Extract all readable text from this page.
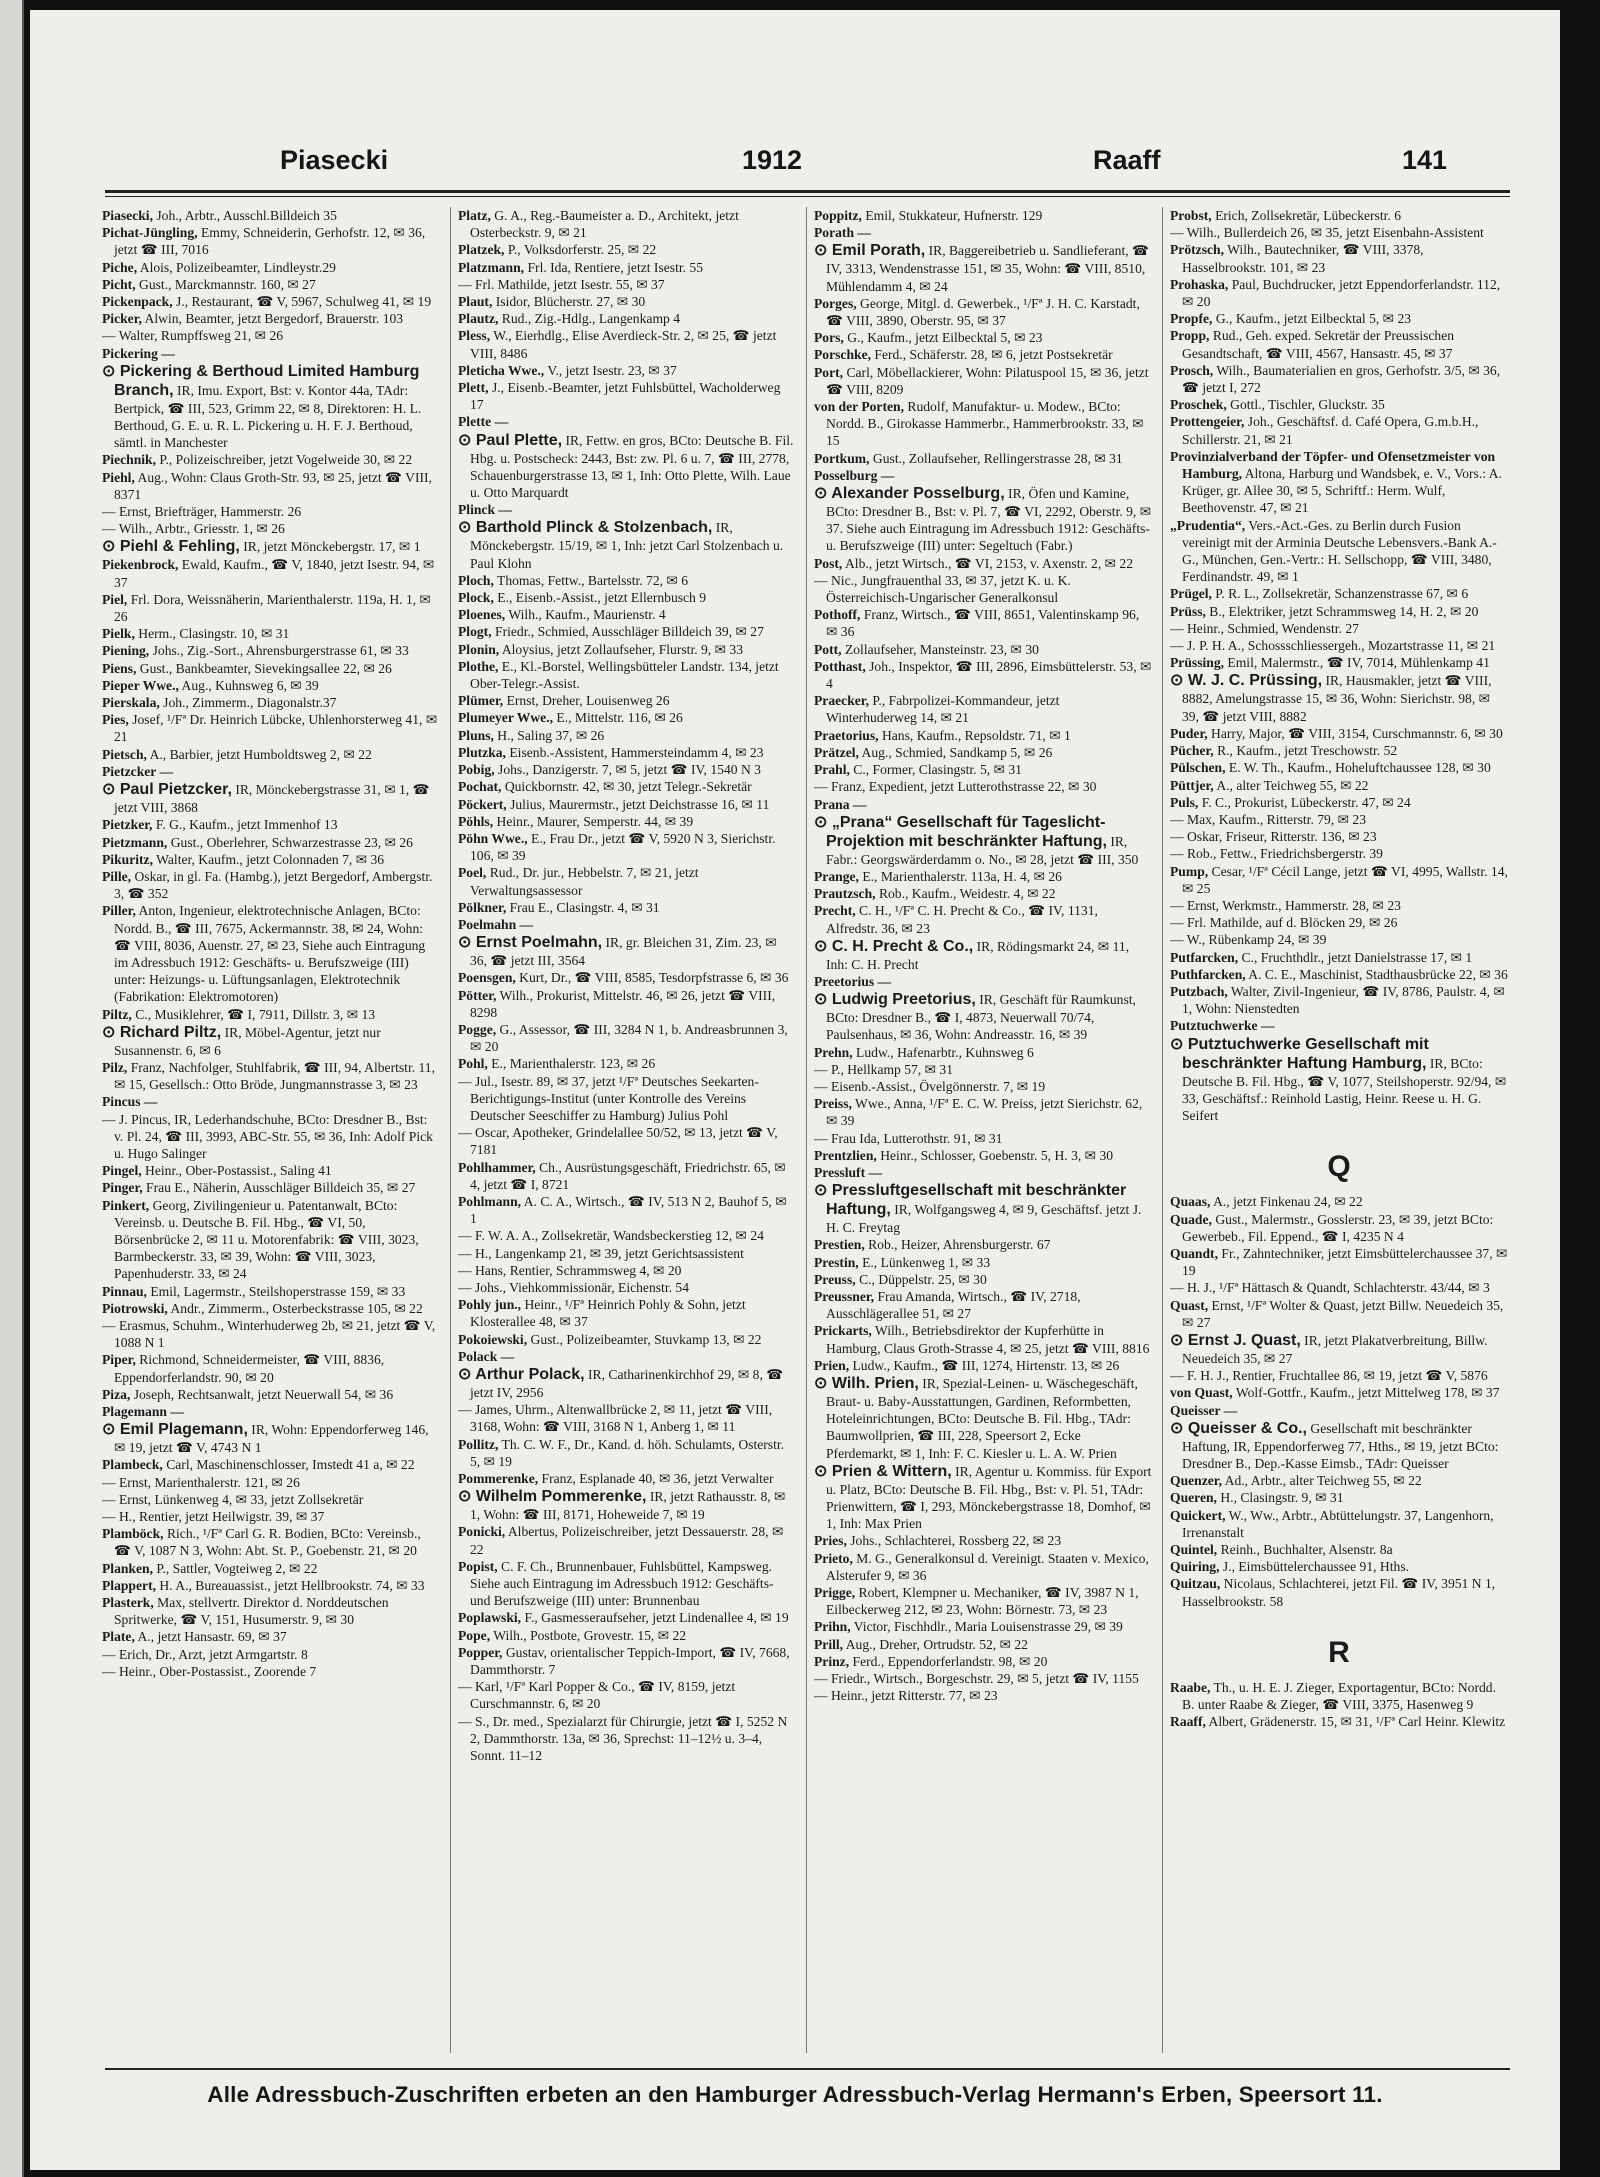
Piasecki	1912	Raaff	141

Piasecki, Joh., Arbtr., Ausschl.Billdeich 35

Pichat-Jüngling, Emmy, Schneiderin, Gerhofstr. 12, ✉ 36, jetzt ☎ III, 7016

Piche, Alois, Polizeibeamter, Lindleystr.29

Picht, Gust., Marckmannstr. 160, ✉ 27

Pickenpack, J., Restaurant, ☎ V, 5967, Schulweg 41, ✉ 19

Picker, Alwin, Beamter, jetzt Bergedorf, Brauerstr. 103

— Walter, Rumpffsweg 21, ✉ 26

Pickering —

⊙ Pickering & Berthoud Limited Hamburg Branch, IR, Imu. Export, Bst: v. Kontor 44a, TAdr: Bertpick, ☎ III, 523, Grimm 22, ✉ 8, Direktoren: H. L. Berthoud, G. E. u. R. L. Pickering u. H. F. J. Berthoud, sämtl. in Manchester

Piechnik, P., Polizeischreiber, jetzt Vogelweide 30, ✉ 22

Piehl, Aug., Wohn: Claus Groth-Str. 93, ✉ 25, jetzt ☎ VIII, 8371

— Ernst, Briefträger, Hammerstr. 26

— Wilh., Arbtr., Griesstr. 1, ✉ 26

⊙ Piehl & Fehling, IR, jetzt Mönckebergstr. 17, ✉ 1

Piekenbrock, Ewald, Kaufm., ☎ V, 1840, jetzt Isestr. 94, ✉ 37

Piel, Frl. Dora, Weissnäherin, Marienthalerstr. 119a, H. 1, ✉ 26

Pielk, Herm., Clasingstr. 10, ✉ 31

Piening, Johs., Zig.-Sort., Ahrensburgerstrasse 61, ✉ 33

Piens, Gust., Bankbeamter, Sievekingsallee 22, ✉ 26

Pieper Wwe., Aug., Kuhnsweg 6, ✉ 39

Pierskala, Joh., Zimmerm., Diagonalstr.37

Pies, Josef, ¹/Fª Dr. Heinrich Lübcke, Uhlenhorsterweg 41, ✉ 21

Pietsch, A., Barbier, jetzt Humboldtsweg 2, ✉ 22

Pietzcker —

⊙ Paul Pietzcker, IR, Mönckebergstrasse 31, ✉ 1, ☎ jetzt VIII, 3868

Pietzker, F. G., Kaufm., jetzt Immenhof 13

Pietzmann, Gust., Oberlehrer, Schwarzestrasse 23, ✉ 26

Pikuritz, Walter, Kaufm., jetzt Colonnaden 7, ✉ 36

Pille, Oskar, in gl. Fa. (Hambg.), jetzt Bergedorf, Ambergstr. 3, ☎ 352

Piller, Anton, Ingenieur, elektrotechnische Anlagen, BCto: Nordd. B., ☎ III, 7675, Ackermannstr. 38, ✉ 24, Wohn: ☎ VIII, 8036, Auenstr. 27, ✉ 23, Siehe auch Eintragung im Adressbuch 1912: Geschäfts- u. Berufszweige (III) unter: Heizungs- u. Lüftungsanlagen, Elektrotechnik (Fabrikation: Elektromotoren)

Piltz, C., Musiklehrer, ☎ I, 7911, Dillstr. 3, ✉ 13

⊙ Richard Piltz, IR, Möbel-Agentur, jetzt nur Susannenstr. 6, ✉ 6

Pilz, Franz, Nachfolger, Stuhlfabrik, ☎ III, 94, Albertstr. 11, ✉ 15, Gesellsch.: Otto Bröde, Jungmannstrasse 3, ✉ 23

Pincus —

— J. Pincus, IR, Lederhandschuhe, BCto: Dresdner B., Bst: v. Pl. 24, ☎ III, 3993, ABC-Str. 55, ✉ 36, Inh: Adolf Pick u. Hugo Salinger

Pingel, Heinr., Ober-Postassist., Saling 41

Pinger, Frau E., Näherin, Ausschläger Billdeich 35, ✉ 27

Pinkert, Georg, Zivilingenieur u. Patentanwalt, BCto: Vereinsb. u. Deutsche B. Fil. Hbg., ☎ VI, 50, Börsenbrücke 2, ✉ 11 u. Motorenfabrik: ☎ VIII, 3023, Barmbeckerstr. 33, ✉ 39, Wohn: ☎ VIII, 3023, Papenhuderstr. 33, ✉ 24

Pinnau, Emil, Lagermstr., Steilshoperstrasse 159, ✉ 33

Piotrowski, Andr., Zimmerm., Osterbeckstrasse 105, ✉ 22

— Erasmus, Schuhm., Winterhuderweg 2b, ✉ 21, jetzt ☎ V, 1088 N 1

Piper, Richmond, Schneidermeister, ☎ VIII, 8836, Eppendorferlandstr. 90, ✉ 20

Piza, Joseph, Rechtsanwalt, jetzt Neuerwall 54, ✉ 36

Plagemann —

⊙ Emil Plagemann, IR, Wohn: Eppendorferweg 146, ✉ 19, jetzt ☎ V, 4743 N 1

Plambeck, Carl, Maschinenschlosser, Imstedt 41 a, ✉ 22

— Ernst, Marienthalerstr. 121, ✉ 26

— Ernst, Lünkenweg 4, ✉ 33, jetzt Zollsekretär

— H., Rentier, jetzt Heilwigstr. 39, ✉ 37

Plamböck, Rich., ¹/Fª Carl G. R. Bodien, BCto: Vereinsb., ☎ V, 1087 N 3, Wohn: Abt. St. P., Goebenstr. 21, ✉ 20

Planken, P., Sattler, Vogteiweg 2, ✉ 22

Plappert, H. A., Bureauassist., jetzt Hellbrookstr. 74, ✉ 33

Plasterk, Max, stellvertr. Direktor d. Norddeutschen Spritwerke, ☎ V, 151, Husumerstr. 9, ✉ 30

Plate, A., jetzt Hansastr. 69, ✉ 37

— Erich, Dr., Arzt, jetzt Armgartstr. 8

— Heinr., Ober-Postassist., Zoorende 7

Platz, G. A., Reg.-Baumeister a. D., Architekt, jetzt Osterbeckstr. 9, ✉ 21

Platzek, P., Volksdorferstr. 25, ✉ 22

Platzmann, Frl. Ida, Rentiere, jetzt Isestr. 55

— Frl. Mathilde, jetzt Isestr. 55, ✉ 37

Plaut, Isidor, Blücherstr. 27, ✉ 30

Plautz, Rud., Zig.-Hdlg., Langenkamp 4

Pless, W., Eierhdlg., Elise Averdieck-Str. 2, ✉ 25, ☎ jetzt VIII, 8486

Pleticha Wwe., V., jetzt Isestr. 23, ✉ 37

Plett, J., Eisenb.-Beamter, jetzt Fuhlsbüttel, Wacholderweg 17

Plette —

⊙ Paul Plette, IR, Fettw. en gros, BCto: Deutsche B. Fil. Hbg. u. Postscheck: 2443, Bst: zw. Pl. 6 u. 7, ☎ III, 2778, Schauenburgerstrasse 13, ✉ 1, Inh: Otto Plette, Wilh. Laue u. Otto Marquardt

Plinck —

⊙ Barthold Plinck & Stolzenbach, IR, Mönckebergstr. 15/19, ✉ 1, Inh: jetzt Carl Stolzenbach u. Paul Klohn

Ploch, Thomas, Fettw., Bartelsstr. 72, ✉ 6

Plock, E., Eisenb.-Assist., jetzt Ellernbusch 9

Ploenes, Wilh., Kaufm., Maurienstr. 4

Plogt, Friedr., Schmied, Ausschläger Billdeich 39, ✉ 27

Plonin, Aloysius, jetzt Zollaufseher, Flurstr. 9, ✉ 33

Plothe, E., Kl.-Borstel, Wellingsbütteler Landstr. 134, jetzt Ober-Telegr.-Assist.

Plümer, Ernst, Dreher, Louisenweg 26

Plumeyer Wwe., E., Mittelstr. 116, ✉ 26

Pluns, H., Saling 37, ✉ 26

Plutzka, Eisenb.-Assistent, Hammersteindamm 4, ✉ 23

Pobig, Johs., Danzigerstr. 7, ✉ 5, jetzt ☎ IV, 1540 N 3

Pochat, Quickbornstr. 42, ✉ 30, jetzt Telegr.-Sekretär

Pöckert, Julius, Maurermstr., jetzt Deichstrasse 16, ✉ 11

Pöhls, Heinr., Maurer, Semperstr. 44, ✉ 39

Pöhn Wwe., E., Frau Dr., jetzt ☎ V, 5920 N 3, Sierichstr. 106, ✉ 39

Poel, Rud., Dr. jur., Hebbelstr. 7, ✉ 21, jetzt Verwaltungsassessor

Pölkner, Frau E., Clasingstr. 4, ✉ 31

Poelmahn —

⊙ Ernst Poelmahn, IR, gr. Bleichen 31, Zim. 23, ✉ 36, ☎ jetzt III, 3564

Poensgen, Kurt, Dr., ☎ VIII, 8585, Tesdorpfstrasse 6, ✉ 36

Pötter, Wilh., Prokurist, Mittelstr. 46, ✉ 26, jetzt ☎ VIII, 8298

Pogge, G., Assessor, ☎ III, 3284 N 1, b. Andreasbrunnen 3, ✉ 20

Pohl, E., Marienthalerstr. 123, ✉ 26

— Jul., Isestr. 89, ✉ 37, jetzt ¹/Fª Deutsches Seekarten-Berichtigungs-Institut (unter Kontrolle des Vereins Deutscher Seeschiffer zu Hamburg) Julius Pohl

— Oscar, Apotheker, Grindelallee 50/52, ✉ 13, jetzt ☎ V, 7181

Pohlhammer, Ch., Ausrüstungsgeschäft, Friedrichstr. 65, ✉ 4, jetzt ☎ I, 8721

Pohlmann, A. C. A., Wirtsch., ☎ IV, 513 N 2, Bauhof 5, ✉ 1

— F. W. A. A., Zollsekretär, Wandsbeckerstieg 12, ✉ 24

— H., Langenkamp 21, ✉ 39, jetzt Gerichtsassistent

— Hans, Rentier, Schrammsweg 4, ✉ 20

— Johs., Viehkommissionär, Eichenstr. 54

Pohly jun., Heinr., ¹/Fª Heinrich Pohly & Sohn, jetzt Klosterallee 48, ✉ 37

Pokoiewski, Gust., Polizeibeamter, Stuvkamp 13, ✉ 22

Polack —

⊙ Arthur Polack, IR, Catharinenkirchhof 29, ✉ 8, ☎ jetzt IV, 2956

— James, Uhrm., Altenwallbrücke 2, ✉ 11, jetzt ☎ VIII, 3168, Wohn: ☎ VIII, 3168 N 1, Anberg 1, ✉ 11

Pollitz, Th. C. W. F., Dr., Kand. d. höh. Schulamts, Osterstr. 5, ✉ 19

Pommerenke, Franz, Esplanade 40, ✉ 36, jetzt Verwalter

⊙ Wilhelm Pommerenke, IR, jetzt Rathausstr. 8, ✉ 1, Wohn: ☎ III, 8171, Hoheweide 7, ✉ 19

Ponicki, Albertus, Polizeischreiber, jetzt Dessauerstr. 28, ✉ 22

Popist, C. F. Ch., Brunnenbauer, Fuhlsbüttel, Kampsweg. Siehe auch Eintragung im Adressbuch 1912: Geschäfts- und Berufszweige (III) unter: Brunnenbau

Poplawski, F., Gasmesseraufseher, jetzt Lindenallee 4, ✉ 19

Pope, Wilh., Postbote, Grovestr. 15, ✉ 22

Popper, Gustav, orientalischer Teppich-Import, ☎ IV, 7668, Dammthorstr. 7

— Karl, ¹/Fª Karl Popper & Co., ☎ IV, 8159, jetzt Curschmannstr. 6, ✉ 20

— S., Dr. med., Spezialarzt für Chirurgie, jetzt ☎ I, 5252 N 2, Dammthorstr. 13a, ✉ 36, Sprechst: 11–12½ u. 3–4, Sonnt. 11–12

Poppitz, Emil, Stukkateur, Hufnerstr. 129

Porath —

⊙ Emil Porath, IR, Baggereibetrieb u. Sandlieferant, ☎ IV, 3313, Wendenstrasse 151, ✉ 35, Wohn: ☎ VIII, 8510, Mühlendamm 4, ✉ 24

Porges, George, Mitgl. d. Gewerbek., ¹/Fª J. H. C. Karstadt, ☎ VIII, 3890, Oberstr. 95, ✉ 37

Pors, G., Kaufm., jetzt Eilbecktal 5, ✉ 23

Porschke, Ferd., Schäferstr. 28, ✉ 6, jetzt Postsekretär

Port, Carl, Möbellackierer, Wohn: Pilatuspool 15, ✉ 36, jetzt ☎ VIII, 8209

von der Porten, Rudolf, Manufaktur- u. Modew., BCto: Nordd. B., Girokasse Hammerbr., Hammerbrookstr. 33, ✉ 15

Portkum, Gust., Zollaufseher, Rellingerstrasse 28, ✉ 31

Posselburg —

⊙ Alexander Posselburg, IR, Öfen und Kamine, BCto: Dresdner B., Bst: v. Pl. 7, ☎ VI, 2292, Oberstr. 9, ✉ 37. Siehe auch Eintragung im Adressbuch 1912: Geschäfts- u. Berufszweige (III) unter: Segeltuch (Fabr.)

Post, Alb., jetzt Wirtsch., ☎ VI, 2153, v. Axenstr. 2, ✉ 22

— Nic., Jungfrauenthal 33, ✉ 37, jetzt K. u. K. Österreichisch-Ungarischer Generalkonsul

Pothoff, Franz, Wirtsch., ☎ VIII, 8651, Valentinskamp 96, ✉ 36

Pott, Zollaufseher, Mansteinstr. 23, ✉ 30

Potthast, Joh., Inspektor, ☎ III, 2896, Eimsbüttelerstr. 53, ✉ 4

Praecker, P., Fabrpolizei-Kommandeur, jetzt Winterhuderweg 14, ✉ 21

Praetorius, Hans, Kaufm., Repsoldstr. 71, ✉ 1

Prätzel, Aug., Schmied, Sandkamp 5, ✉ 26

Prahl, C., Former, Clasingstr. 5, ✉ 31

— Franz, Expedient, jetzt Lutterothstrasse 22, ✉ 30

Prana —

⊙ „Prana“ Gesellschaft für Tageslicht-Projektion mit beschränkter Haftung, IR, Fabr.: Georgswärderdamm o. No., ✉ 28, jetzt ☎ III, 350

Prange, E., Marienthalerstr. 113a, H. 4, ✉ 26

Prautzsch, Rob., Kaufm., Weidestr. 4, ✉ 22

Precht, C. H., ¹/Fª C. H. Precht & Co., ☎ IV, 1131, Alfredstr. 36, ✉ 23

⊙ C. H. Precht & Co., IR, Rödingsmarkt 24, ✉ 11, Inh: C. H. Precht

Preetorius —

⊙ Ludwig Preetorius, IR, Geschäft für Raumkunst, BCto: Dresdner B., ☎ I, 4873, Neuerwall 70/74, Paulsenhaus, ✉ 36, Wohn: Andreasstr. 16, ✉ 39

Prehn, Ludw., Hafenarbtr., Kuhnsweg 6

— P., Hellkamp 57, ✉ 31

— Eisenb.-Assist., Övelgönnerstr. 7, ✉ 19

Preiss, Wwe., Anna, ¹/Fª E. C. W. Preiss, jetzt Sierichstr. 62, ✉ 39

— Frau Ida, Lutterothstr. 91, ✉ 31

Prentzlien, Heinr., Schlosser, Goebenstr. 5, H. 3, ✉ 30

Pressluft —

⊙ Pressluftgesellschaft mit beschränkter Haftung, IR, Wolfgangsweg 4, ✉ 9, Geschäftsf. jetzt J. H. C. Freytag

Prestien, Rob., Heizer, Ahrensburgerstr. 67

Prestin, E., Lünkenweg 1, ✉ 33

Preuss, C., Düppelstr. 25, ✉ 30

Preussner, Frau Amanda, Wirtsch., ☎ IV, 2718, Ausschlägerallee 51, ✉ 27

Prickarts, Wilh., Betriebsdirektor der Kupferhütte in Hamburg, Claus Groth-Strasse 4, ✉ 25, jetzt ☎ VIII, 8816

Prien, Ludw., Kaufm., ☎ III, 1274, Hirtenstr. 13, ✉ 26

⊙ Wilh. Prien, IR, Spezial-Leinen- u. Wäschegeschäft, Braut- u. Baby-Ausstattungen, Gardinen, Reformbetten, Hoteleinrichtungen, BCto: Deutsche B. Fil. Hbg., TAdr: Baumwollprien, ☎ III, 228, Speersort 2, Ecke Pferdemarkt, ✉ 1, Inh: F. C. Kiesler u. L. A. W. Prien

⊙ Prien & Wittern, IR, Agentur u. Kommiss. für Export u. Platz, BCto: Deutsche B. Fil. Hbg., Bst: v. Pl. 51, TAdr: Prienwittern, ☎ I, 293, Mönckebergstrasse 18, Domhof, ✉ 1, Inh: Max Prien

Pries, Johs., Schlachterei, Rossberg 22, ✉ 23

Prieto, M. G., Generalkonsul d. Vereinigt. Staaten v. Mexico, Alsterufer 9, ✉ 36

Prigge, Robert, Klempner u. Mechaniker, ☎ IV, 3987 N 1, Eilbeckerweg 212, ✉ 23, Wohn: Börnestr. 73, ✉ 23

Prihn, Victor, Fischhdlr., Maria Louisenstrasse 29, ✉ 39

Prill, Aug., Dreher, Ortrudstr. 52, ✉ 22

Prinz, Ferd., Eppendorferlandstr. 98, ✉ 20

— Friedr., Wirtsch., Borgeschstr. 29, ✉ 5, jetzt ☎ IV, 1155

— Heinr., jetzt Ritterstr. 77, ✉ 23

Probst, Erich, Zollsekretär, Lübeckerstr. 6

— Wilh., Bullerdeich 26, ✉ 35, jetzt Eisenbahn-Assistent

Prötzsch, Wilh., Bautechniker, ☎ VIII, 3378, Hasselbrookstr. 101, ✉ 23

Prohaska, Paul, Buchdrucker, jetzt Eppendorferlandstr. 112, ✉ 20

Propfe, G., Kaufm., jetzt Eilbecktal 5, ✉ 23

Propp, Rud., Geh. exped. Sekretär der Preussischen Gesandtschaft, ☎ VIII, 4567, Hansastr. 45, ✉ 37

Prosch, Wilh., Baumaterialien en gros, Gerhofstr. 3/5, ✉ 36, ☎ jetzt I, 272

Proschek, Gottl., Tischler, Gluckstr. 35

Prottengeier, Joh., Geschäftsf. d. Café Opera, G.m.b.H., Schillerstr. 21, ✉ 21

Provinzialverband der Töpfer- und Ofensetzmeister von Hamburg, Altona, Harburg und Wandsbek, e. V., Vors.: A. Krüger, gr. Allee 30, ✉ 5, Schriftf.: Herm. Wulf, Beethovenstr. 47, ✉ 21

„Prudentia“, Vers.-Act.-Ges. zu Berlin durch Fusion vereinigt mit der Arminia Deutsche Lebensvers.-Bank A.-G., München, Gen.-Vertr.: H. Sellschopp, ☎ VIII, 3480, Ferdinandstr. 49, ✉ 1

Prügel, P. R. L., Zollsekretär, Schanzenstrasse 67, ✉ 6

Prüss, B., Elektriker, jetzt Schrammsweg 14, H. 2, ✉ 20

— Heinr., Schmied, Wendenstr. 27

— J. P. H. A., Schossschliessergeh., Mozartstrasse 11, ✉ 21

Prüssing, Emil, Malermstr., ☎ IV, 7014, Mühlenkamp 41

⊙ W. J. C. Prüssing, IR, Hausmakler, jetzt ☎ VIII, 8882, Amelungstrasse 15, ✉ 36, Wohn: Sierichstr. 98, ✉ 39, ☎ jetzt VIII, 8882

Puder, Harry, Major, ☎ VIII, 3154, Curschmannstr. 6, ✉ 30

Pücher, R., Kaufm., jetzt Treschowstr. 52

Pülschen, E. W. Th., Kaufm., Hoheluftchaussee 128, ✉ 30

Püttjer, A., alter Teichweg 55, ✉ 22

Puls, F. C., Prokurist, Lübeckerstr. 47, ✉ 24

— Max, Kaufm., Ritterstr. 79, ✉ 23

— Oskar, Friseur, Ritterstr. 136, ✉ 23

— Rob., Fettw., Friedrichsbergerstr. 39

Pump, Cesar, ¹/Fª Cécil Lange, jetzt ☎ VI, 4995, Wallstr. 14, ✉ 25

— Ernst, Werkmstr., Hammerstr. 28, ✉ 23

— Frl. Mathilde, auf d. Blöcken 29, ✉ 26

— W., Rübenkamp 24, ✉ 39

Putfarcken, C., Fruchthdlr., jetzt Danielstrasse 17, ✉ 1

Puthfarcken, A. C. E., Maschinist, Stadthausbrücke 22, ✉ 36

Putzbach, Walter, Zivil-Ingenieur, ☎ IV, 8786, Paulstr. 4, ✉ 1, Wohn: Nienstedten

Putztuchwerke —

⊙ Putztuchwerke Gesellschaft mit beschränkter Haftung Hamburg, IR, BCto: Deutsche B. Fil. Hbg., ☎ V, 1077, Steilshoperstr. 92/94, ✉ 33, Geschäftsf.: Reinhold Lastig, Heinr. Reese u. H. G. Seifert

Q

Quaas, A., jetzt Finkenau 24, ✉ 22

Quade, Gust., Malermstr., Gosslerstr. 23, ✉ 39, jetzt BCto: Gewerbeb., Fil. Eppend., ☎ I, 4235 N 4

Quandt, Fr., Zahntechniker, jetzt Eimsbüttelerchaussee 37, ✉ 19

— H. J., ¹/Fª Hättasch & Quandt, Schlachterstr. 43/44, ✉ 3

Quast, Ernst, ¹/Fª Wolter & Quast, jetzt Billw. Neuedeich 35, ✉ 27

⊙ Ernst J. Quast, IR, jetzt Plakatverbreitung, Billw. Neuedeich 35, ✉ 27

— F. H. J., Rentier, Fruchtallee 86, ✉ 19, jetzt ☎ V, 5876

von Quast, Wolf-Gottfr., Kaufm., jetzt Mittelweg 178, ✉ 37

Queisser —

⊙ Queisser & Co., Gesellschaft mit beschränkter Haftung, IR, Eppendorferweg 77, Hths., ✉ 19, jetzt BCto: Dresdner B., Dep.-Kasse Eimsb., TAdr: Queisser

Quenzer, Ad., Arbtr., alter Teichweg 55, ✉ 22

Queren, H., Clasingstr. 9, ✉ 31

Quickert, W., Ww., Arbtr., Abtüttelungstr. 37, Langenhorn, Irrenanstalt

Quintel, Reinh., Buchhalter, Alsenstr. 8a

Quiring, J., Eimsbüttelerchaussee 91, Hths.

Quitzau, Nicolaus, Schlachterei, jetzt Fil. ☎ IV, 3951 N 1, Hasselbrookstr. 58

R

Raabe, Th., u. H. E. J. Zieger, Exportagentur, BCto: Nordd. B. unter Raabe & Zieger, ☎ VIII, 3375, Hasenweg 9

Raaff, Albert, Grädenerstr. 15, ✉ 31, ¹/Fª Carl Heinr. Klewitz

Alle Adressbuch-Zuschriften erbeten an den Hamburger Adressbuch-Verlag Hermann's Erben, Speersort 11.
